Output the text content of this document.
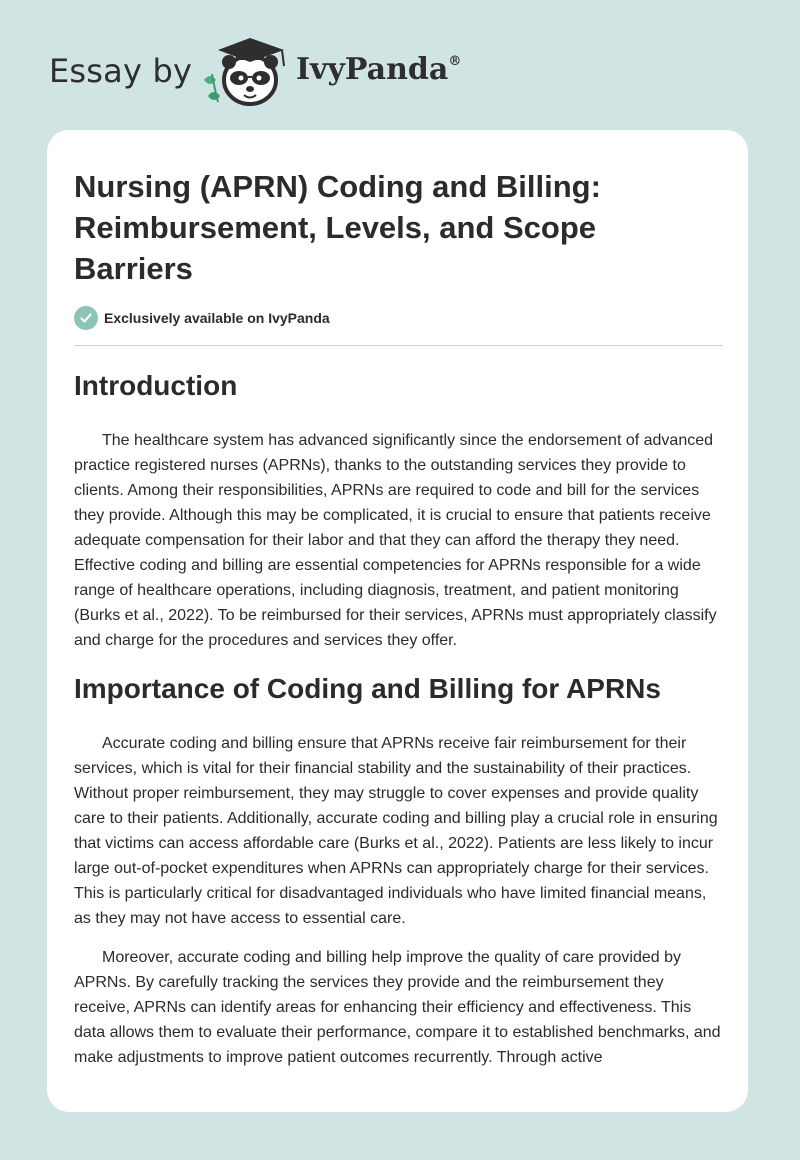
Essay by	IvyPanda®
Nursing (APRN) Coding and Billing: Reimbursement, Levels, and Scope Barriers
Exclusively available on IvyPanda
Introduction

The healthcare system has advanced significantly since the endorsement of advanced practice registered nurses (APRNs), thanks to the outstanding services they provide to clients. Among their responsibilities, APRNs are required to code and bill for the services they provide. Although this may be complicated, it is crucial to ensure that patients receive adequate compensation for their labor and that they can afford the therapy they need. Effective coding and billing are essential competencies for APRNs responsible for a wide range of healthcare operations, including diagnosis, treatment, and patient monitoring (Burks et al., 2022). To be reimbursed for their services, APRNs must appropriately classify and charge for the procedures and services they offer.

Importance of Coding and Billing for APRNs

Accurate coding and billing ensure that APRNs receive fair reimbursement for their services, which is vital for their financial stability and the sustainability of their practices. Without proper reimbursement, they may struggle to cover expenses and provide quality care to their patients. Additionally, accurate coding and billing play a crucial role in ensuring that victims can access affordable care (Burks et al., 2022). Patients are less likely to incur large out-of-pocket expenditures when APRNs can appropriately charge for their services. This is particularly critical for disadvantaged individuals who have limited financial means, as they may not have access to essential care.

Moreover, accurate coding and billing help improve the quality of care provided by APRNs. By carefully tracking the services they provide and the reimbursement they receive, APRNs can identify areas for enhancing their efficiency and effectiveness. This data allows them to evaluate their performance, compare it to established benchmarks, and make adjustments to improve patient outcomes recurrently. Through active
